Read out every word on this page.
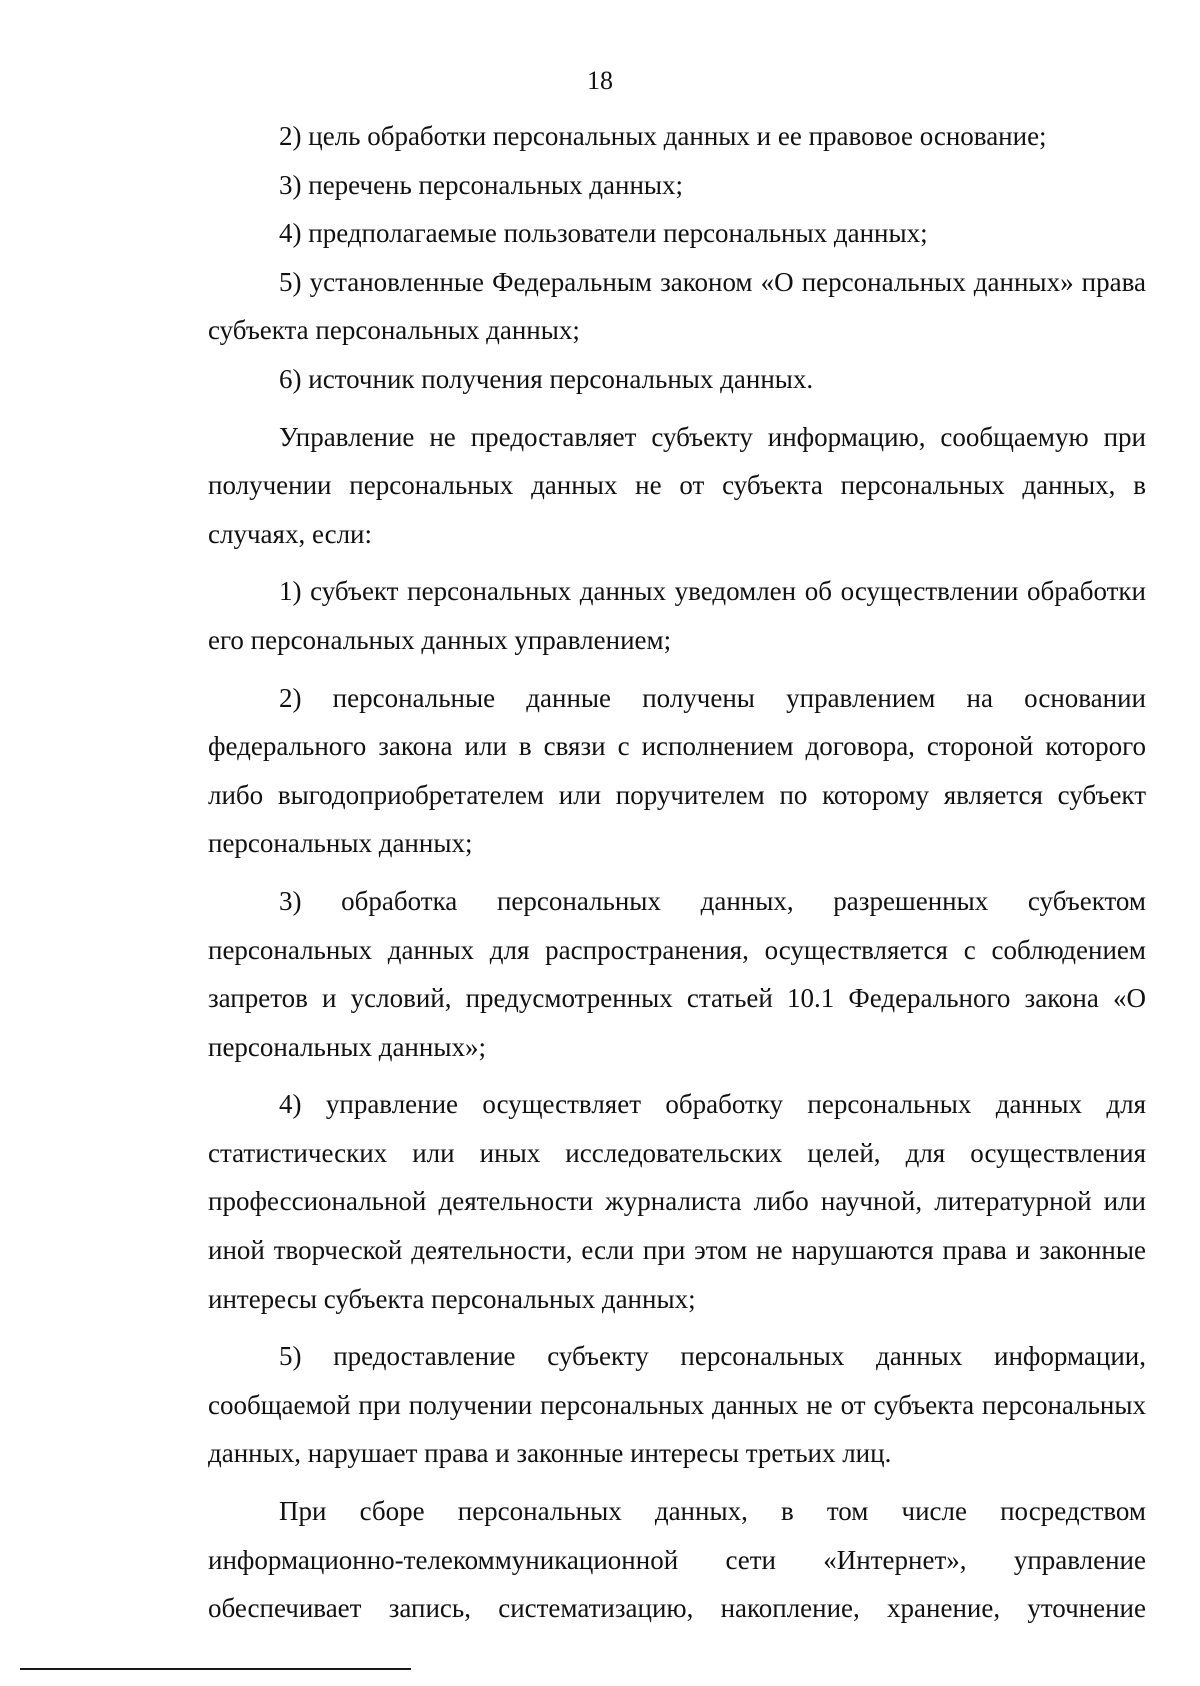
18

2) цель обработки персональных данных и ее правовое основание;

3) перечень персональных данных;

4) предполагаемые пользователи персональных данных;

5) установленные Федеральным законом «О персональных данных» права субъекта персональных данных;

6) источник получения персональных данных.

Управление не предоставляет субъекту информацию, сообщаемую при получении персональных данных не от субъекта персональных данных, в случаях, если:

1) субъект персональных данных уведомлен об осуществлении обработки его персональных данных управлением;

2) персональные данные получены управлением на основании федерального закона или в связи с исполнением договора, стороной которого либо выгодоприобретателем или поручителем по которому является субъект персональных данных;

3) обработка персональных данных, разрешенных субъектом персональных данных для распространения, осуществляется с соблюдением запретов и условий, предусмотренных статьей 10.1 Федерального закона «О персональных данных»;

4) управление осуществляет обработку персональных данных для статистических или иных исследовательских целей, для осуществления профессиональной деятельности журналиста либо научной, литературной или иной творческой деятельности, если при этом не нарушаются права и законные интересы субъекта персональных данных;

5) предоставление субъекту персональных данных информации, сообщаемой при получении персональных данных не от субъекта персональных данных, нарушает права и законные интересы третьих лиц.

При сборе персональных данных, в том числе посредством информационно-телекоммуникационной сети «Интернет», управление обеспечивает запись, систематизацию, накопление, хранение, уточнение
